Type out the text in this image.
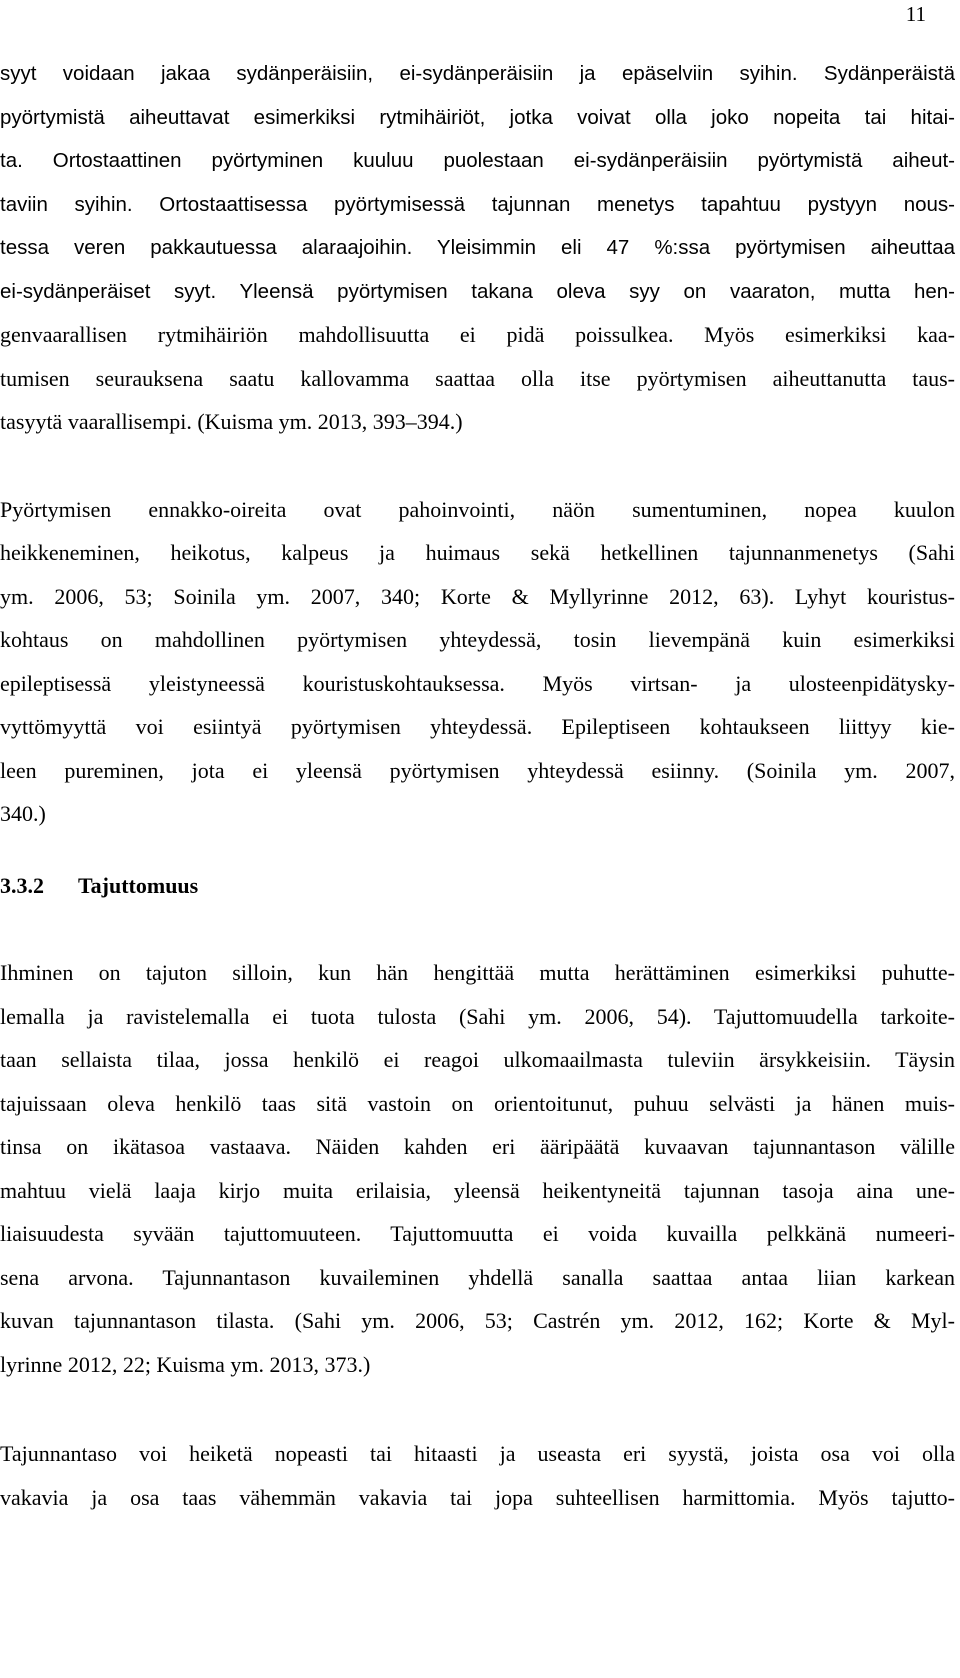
11
syyt voidaan jakaa sydänperäisiin, ei-sydänperäisiin ja epäselviin syihin. Sydänperäistä
pyörtymistä aiheuttavat esimerkiksi rytmihäiriöt, jotka voivat olla joko nopeita tai hitai-
ta. Ortostaattinen pyörtyminen kuuluu puolestaan ei-sydänperäisiin pyörtymistä aiheut-
taviin syihin. Ortostaattisessa pyörtymisessä tajunnan menetys tapahtuu pystyyn nous-
tessa veren pakkautuessa alaraajoihin. Yleisimmin eli 47 %:ssa pyörtymisen aiheuttaa
ei-sydänperäiset syyt. Yleensä pyörtymisen takana oleva syy on vaaraton, mutta hen-
genvaarallisen rytmihäiriön mahdollisuutta ei pidä poissulkea. Myös esimerkiksi kaa-
tumisen seurauksena saatu kallovamma saattaa olla itse pyörtymisen aiheuttanutta taus-
tasyytä vaarallisempi. (Kuisma ym. 2013, 393–394.)
Pyörtymisen ennakko-oireita ovat pahoinvointi, näön sumentuminen, nopea kuulon
heikkeneminen, heikotus, kalpeus ja huimaus sekä hetkellinen tajunnanmenetys (Sahi
ym. 2006, 53; Soinila ym. 2007, 340; Korte & Myllyrinne 2012, 63). Lyhyt kouristus-
kohtaus on mahdollinen pyörtymisen yhteydessä, tosin lievempänä kuin esimerkiksi
epileptisessä yleistyneessä kouristuskohtauksessa. Myös virtsan- ja ulosteenpidätysky-
vyttömyyttä voi esiintyä pyörtymisen yhteydessä. Epileptiseen kohtaukseen liittyy kie-
leen pureminen, jota ei yleensä pyörtymisen yhteydessä esiinny. (Soinila ym. 2007,
340.)
3.3.2 Tajuttomuus
Ihminen on tajuton silloin, kun hän hengittää mutta herättäminen esimerkiksi puhutte-
lemalla ja ravistelemalla ei tuota tulosta (Sahi ym. 2006, 54). Tajuttomuudella tarkoite-
taan sellaista tilaa, jossa henkilö ei reagoi ulkomaailmasta tuleviin ärsykkeisiin. Täysin
tajuissaan oleva henkilö taas sitä vastoin on orientoitunut, puhuu selvästi ja hänen muis-
tinsa on ikätasoa vastaava. Näiden kahden eri ääripäätä kuvaavan tajunnantason välille
mahtuu vielä laaja kirjo muita erilaisia, yleensä heikentyneitä tajunnan tasoja aina une-
liaisuudesta syvään tajuttomuuteen. Tajuttomuutta ei voida kuvailla pelkkänä numeeri-
sena arvona. Tajunnantason kuvaileminen yhdellä sanalla saattaa antaa liian karkean
kuvan tajunnantason tilasta. (Sahi ym. 2006, 53; Castrén ym. 2012, 162; Korte & Myl-
lyrinne 2012, 22; Kuisma ym. 2013, 373.)
Tajunnantaso voi heiketä nopeasti tai hitaasti ja useasta eri syystä, joista osa voi olla
vakavia ja osa taas vähemmän vakavia tai jopa suhteellisen harmittomia. Myös tajutto-
